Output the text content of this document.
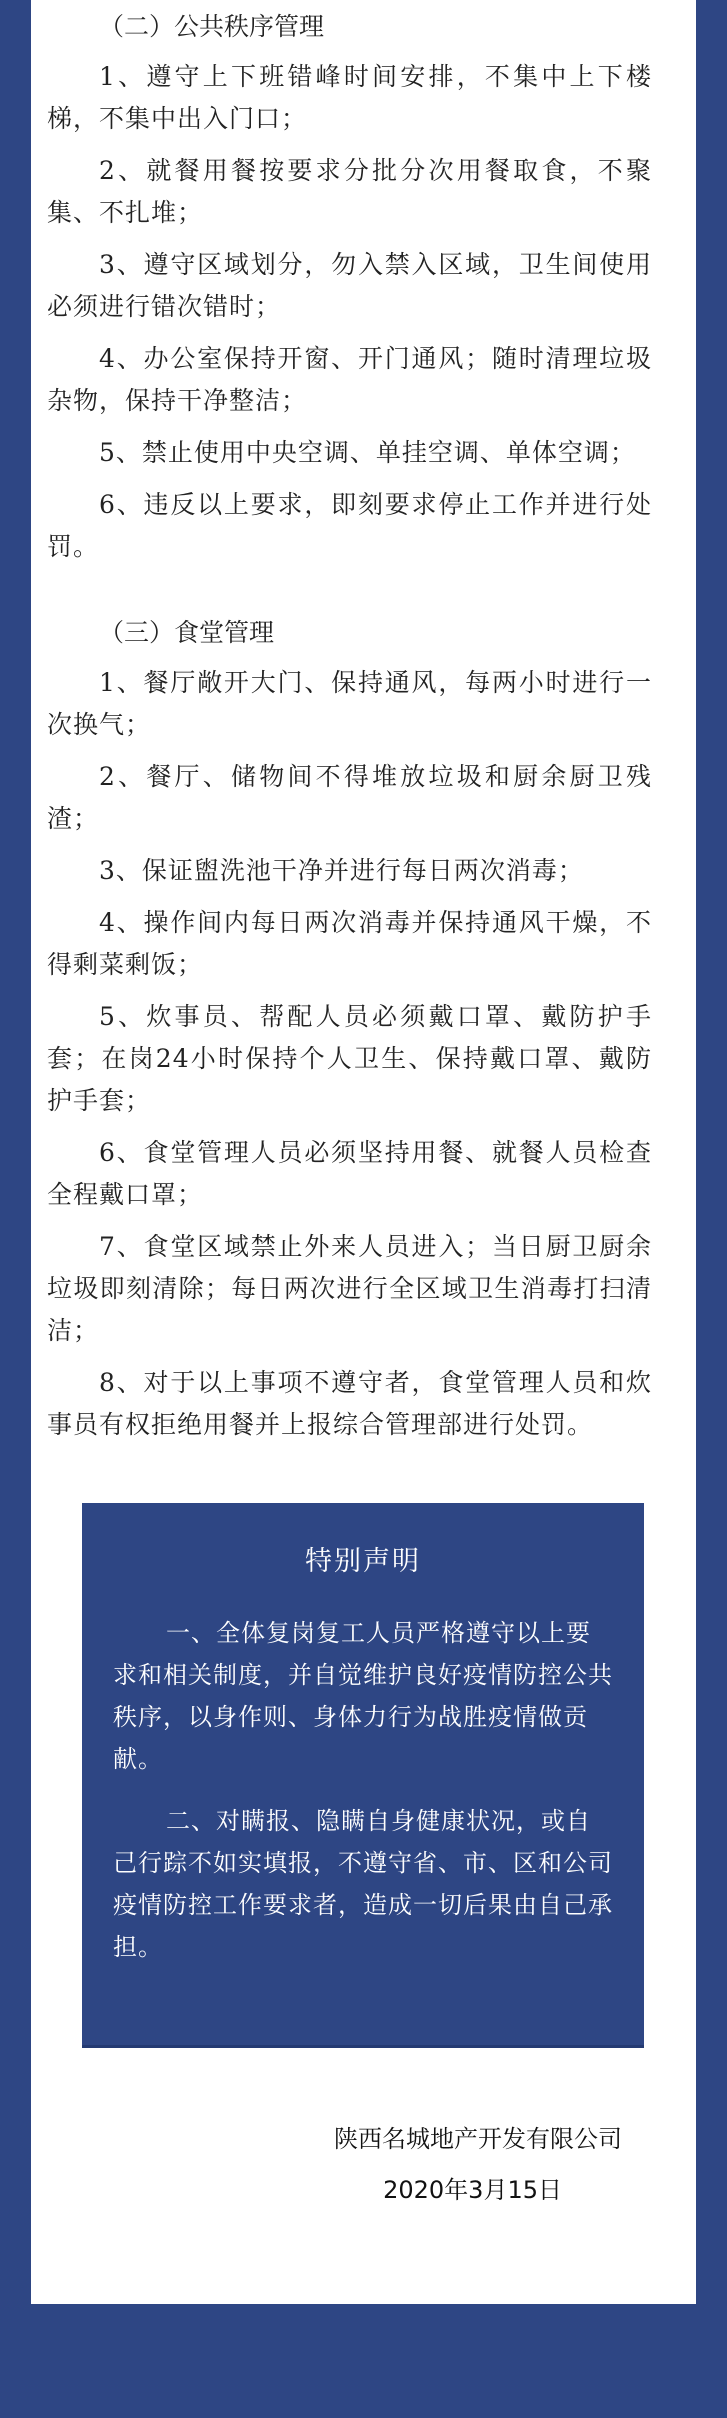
（二）公共秩序管理

1、遵守上下班错峰时间安排，不集中上下楼梯，不集中出入门口；

2、就餐用餐按要求分批分次用餐取食，不聚集、不扎堆；

3、遵守区域划分，勿入禁入区域，卫生间使用必须进行错次错时；

4、办公室保持开窗、开门通风；随时清理垃圾杂物，保持干净整洁；

5、禁止使用中央空调、单挂空调、单体空调；

6、违反以上要求，即刻要求停止工作并进行处罚。

（三）食堂管理

1、餐厅敞开大门、保持通风，每两小时进行一次换气；

2、餐厅、储物间不得堆放垃圾和厨余厨卫残渣；

3、保证盥洗池干净并进行每日两次消毒；

4、操作间内每日两次消毒并保持通风干燥，不得剩菜剩饭；

5、炊事员、帮配人员必须戴口罩、戴防护手套；在岗24小时保持个人卫生、保持戴口罩、戴防护手套；

6、食堂管理人员必须坚持用餐、就餐人员检查全程戴口罩；

7、食堂区域禁止外来人员进入；当日厨卫厨余垃圾即刻清除；每日两次进行全区域卫生消毒打扫清洁；

8、对于以上事项不遵守者，食堂管理人员和炊事员有权拒绝用餐并上报综合管理部进行处罚。

特别声明

一、全体复岗复工人员严格遵守以上要求和相关制度，并自觉维护良好疫情防控公共秩序，以身作则、身体力行为战胜疫情做贡献。

二、对瞒报、隐瞒自身健康状况，或自己行踪不如实填报，不遵守省、市、区和公司疫情防控工作要求者，造成一切后果由自己承担。

陕西名城地产开发有限公司
2020年3月15日
